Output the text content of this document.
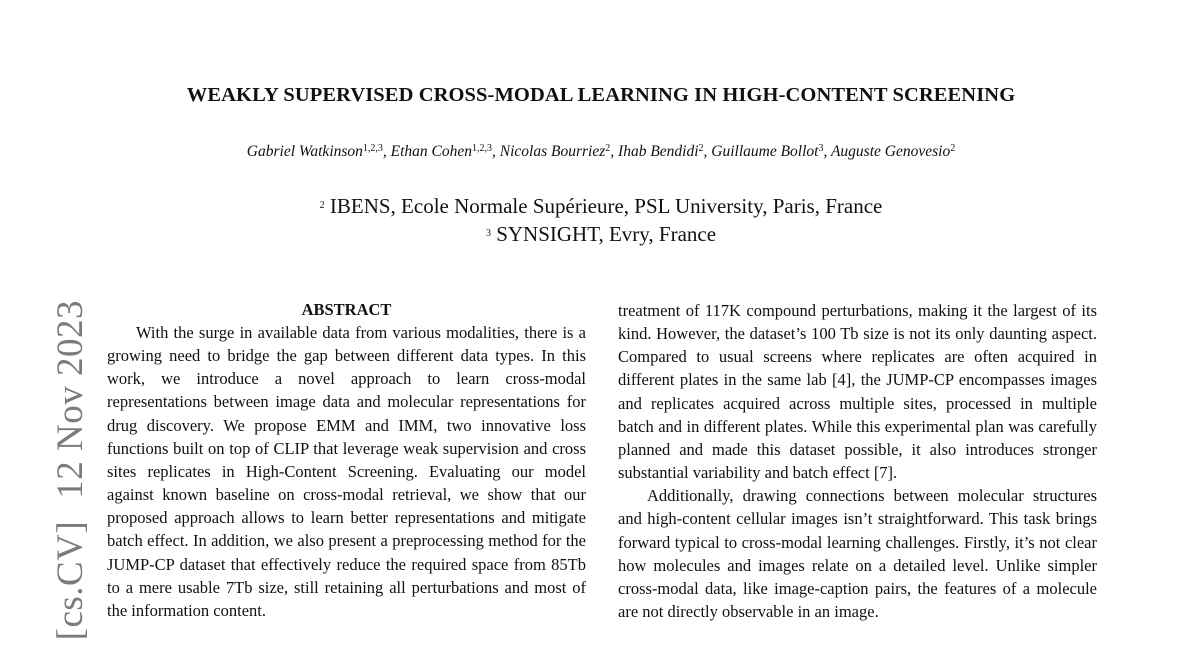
WEAKLY SUPERVISED CROSS-MODAL LEARNING IN HIGH-CONTENT SCREENING
Gabriel Watkinson$^{1,2,3}$, Ethan Cohen$^{1,2,3}$, Nicolas Bourriez$^2$, Ihab Bendidi$^2$, Guillaume Bollot$^3$, Auguste Genovesio$^2$
$^2$ IBENS, Ecole Normale Supérieure, PSL University, Paris, France
$^3$ SYNSIGHT, Evry, France
[cs.CV]12 Nov 2023	ABSTRACT

With the surge in available data from various modalities, there is a growing need to bridge the gap between different data types. In this work, we introduce a novel approach to learn cross-modal representations between image data and molecular representations for drug discovery. We propose EMM and IMM, two innovative loss functions built on top of CLIP that leverage weak supervision and cross sites replicates in High-Content Screening. Evaluating our model against known baseline on cross-modal retrieval, we show that our proposed approach allows to learn better representations and mitigate batch effect. In addition, we also present a preprocessing method for the JUMP-CP dataset that effectively reduce the required space from 85Tb to a mere usable 7Tb size, still retaining all perturbations and most of the information content.

treatment of 117K compound perturbations, making it the largest of its kind. However, the dataset’s 100 Tb size is not its only daunting aspect. Compared to usual screens where replicates are often acquired in different plates in the same lab [4], the JUMP-CP encompasses images and replicates acquired across multiple sites, processed in multiple batch and in different plates. While this experimental plan was carefully planned and made this dataset possible, it also introduces stronger substantial variability and batch effect [7].

Additionally, drawing connections between molecular structures and high-content cellular images isn’t straightforward. This task brings forward typical to cross-modal learning challenges. Firstly, it’s not clear how molecules and images relate on a detailed level. Unlike simpler cross-modal data, like image-caption pairs, the features of a molecule are not directly observable in an image.
